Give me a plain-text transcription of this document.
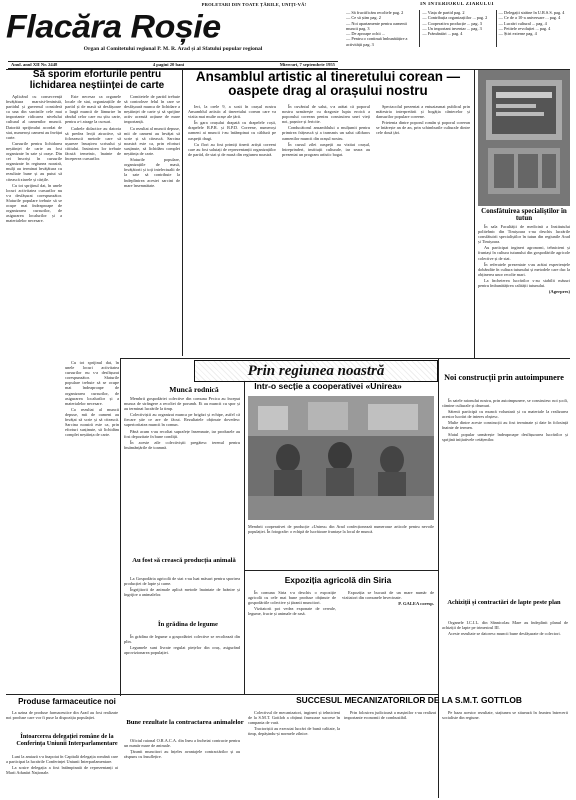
PROLETARI DIN TOATE ȚĂRILE, UNIȚI-VĂ!
Flacăra Roșie
Organ al Comitetului regional P. M. R. Arad și al Sfatului popular regional
Anul. anul XII Nr. 2448	4 pagini 20 bani	Miercuri, 7 septembrie 1955
ÎN INTERIORUL ZIARULUI
— Să fructificăm recoltele pag. 2
— Ce să știm pag. 2
— Noi apartamente pentru oamenii muncii pag. 3
— De aproape ochii ...
— Pentru o continuă îmbunătățire a activității pag. 3
— Viața de partid pag. 2
— Contribuția organizațiilor ... pag. 2
— Cooperativa producție ... pag. 3
— Un important inventar ... pag. 3
— Frământări ... pag. 4
— Delegații străine în U.R.S.S. pag. 4
— Ce de a 10-a aniversare ... pag. 4
— Lucrări cultural ... pag. 4
— Petitele revoluției ... pag. 4
— Știri externe pag. 4
Să sporim eforturile pentru lichidarea neștiinței de carte

Aplicând cu consecvență învățătura marxist-leninistă, partidul și guvernul consideră ca una din sarcinile cele mai importante ridicarea nivelului cultural al oamenilor muncii. Datorită sprijinului acordat de stat, numeroși oameni au învățat carte.

Cursurile pentru lichidarea neștiinței de carte au fost organizate în sate și orașe. Din cei înscriși în cursurile organizate în regiunea noastră, mulți au terminat învățătura cu rezultate bune și au putut să citească ziarele și cărțile.

Cu tot sprijinul dat, în unele locuri activitatea cursurilor nu s-a desfășurat corespunzător. Sfaturile populare trebuie să se ocupe mai îndeaproape de organizarea cursurilor, de asigurarea localurilor și a materialelor necesare.

Este necesar ca organele locale de stat, organizațiile de partid și de masă să desfășoare o largă muncă de lămurire în rândul celor care nu știu carte, pentru a-i atrage la cursuri.

Cadrele didactice au datoria să predea lecții atractive, să folosească metode care să ușureze însușirea scrisului și cititului. Instruirea lor trebuie făcută temeinic, înainte de începerea cursurilor.

Comitetele de partid trebuie să controleze felul în care se desfășoară munca de lichidare a neștiinței de carte și să sprijine activ această acțiune de mare importanță.

Ca rezultat al muncii depuse, mii de oameni au învățat să scrie și să citească. Sarcina noastră este ca, prin eforturi susținute, să lichidăm complet neștiința de carte.

Sfaturile populare, organizațiile de masă, învățătorii și toți intelectualii de la sate să contribuie la îndeplinirea acestei sarcini de mare însemnătate.

Cu tot sprijinul dat, în unele locuri activitatea cursurilor nu s-a desfășurat corespunzător. Sfaturile populare trebuie să se ocupe mai îndeaproape de organizarea cursurilor, de asigurarea localurilor și a materialelor necesare.

Ca rezultat al muncii depuse, mii de oameni au învățat să scrie și să citească. Sarcina noastră este ca, prin eforturi susținute, să lichidăm complet neștiința de carte.

Ansamblul artistic al tineretului corean — oaspete drag al orașului nostru

Ieri, la orele 9, a sosit în orașul nostru Ansamblul artistic al tineretului corean care va vizita mai multe orașe ale țării.

În gara orașului drapată cu drapelele roșii, drapelele R.P.R. și R.P.D. Coreene, numeroși oameni ai muncii i-au întâmpinat cu căldură pe oaspeții dragi.

Cu flori au fost primiți tinerii artiști coreeni care au fost salutați de reprezentanții organizațiilor de partid, de stat și de masă din regiunea noastră.

În cuvântul de salut, s-a arătat că poporul nostru urmărește cu dragoste lupta eroică a poporului coreean pentru construirea unei vieți noi, pașnice și fericite.

Conducătorul ansamblului a mulțumit pentru primirea frățească și a transmis un salut călduros oamenilor muncii din orașul nostru.

În cursul zilei oaspeții au vizitat orașul, întreprinderi, instituții culturale, iar seara au prezentat un program artistic bogat.

Spectacolul prezentat a entuziasmat publicul prin măiestria interpretării și bogăția cântecelor și dansurilor populare coreene.

Prietenia dintre poporul român și poporul coreean se întărește an de an, prin schimburile culturale dintre cele două țări.

Consfătuirea specialiștilor în tutun

În sala Facultății de medicină a Institutului politehnic din Timișoara s-au deschis lucrările consfătuirii specialiștilor în tutun din regiunile Arad și Timișoara.

Au participat ingineri agronomi, tehnicieni și fruntași în cultura tutunului din gospodăriile agricole colective și de stat.

În referatele prezentate s-au arătat experiențele dobândite în cultura tutunului și metodele care duc la obținerea unor recolte mari.

La încheierea lucrărilor s-au stabilit măsuri pentru îmbunătățirea calității tutunului.

(Agerpres)
Prin regiunea noastră
Muncă rodnică

Membrii gospodăriei colective din comuna Pecica au început munca de strângere a recoltei de porumb. Ei au muncit cu spor și au terminat lucrările la timp.

Colectiviștii au organizat munca pe brigăzi și echipe, astfel că fiecare știe ce are de făcut. Rezultatele obținute dovedesc superioritatea muncii în comun.

Până acum s-au recoltat suprafețe însemnate, iar produsele au fost depozitate în bune condiții.

În aceste zile colectiviștii pregătesc terenul pentru însămânțările de toamnă.

Intr-o secție a cooperativei «Unirea»
Membrii cooperativei de producție «Unirea» din Arad confecționează numeroase articole pentru nevoile populației. În fotografie: o echipă de lucrătoare fruntașe la locul de muncă.
Noi construcții prin autoimpunere

În satele raionului nostru, prin autoimpunere, se construiesc noi școli, cămine culturale și drumuri.

Sătenii participă cu muncă voluntară și cu materiale la realizarea acestor lucrări de interes obștesc.

Multe dintre aceste construcții au fost terminate și date în folosință înainte de termen.

Sfatul popular urmărește îndeaproape desfășurarea lucrărilor și sprijină inițiativele cetățenilor.

Au fost să crească producția animală

La Gospodăria agricolă de stat s-au luat măsuri pentru sporirea producției de lapte și carne.

Îngrijitorii de animale aplică metode înaintate de hrănire și îngrijire a animalelor.

În grădina de legume

În grădina de legume a gospodăriei colective se recoltează din plin.

Legumele sunt livrate regulat piețelor din oraș, asigurând aprovizionarea populației.

Bune rezultate la contractarea animalelor

Oficiul raional O.R.A.C.A. din Ineu a încheiat contracte pentru un număr mare de animale.

Țăranii muncitori au înțeles avantajele contractărilor și au răspuns cu însuflețire.

Expoziția agricolă din Siria

În comuna Siria s-a deschis o expoziție agricolă cu cele mai bune produse obținute de gospodăriile colective și țăranii muncitori.

Vizitatorii pot vedea exponate de cereale, legume, fructe și animale de rasă.

Expoziția se bucură de un mare număr de vizitatori din comunele învecinate.

P. GALEA coresp.	Achiziții și contractări de lapte peste plan

Organele I.C.I.L. din Sânnicolau Mare au îndeplinit planul de achiziții de lapte pe trimestrul III.

Aceste rezultate se datoresc muncii bune desfășurate de colectori.

Produse farmaceutice noi

La uzina de produse farmaceutice din Arad au fost realizate noi produse care vor fi puse la dispoziția populației.

Întoarcerea delegației române de la Conferința Uniunii Interparlamentare

Luni la amiază s-a înapoiat în Capitală delegația română care a participat la lucrările Conferinței Uniunii Interparlamentare.

La sosire delegația a fost întâmpinată de reprezentanți ai Marii Adunări Naționale.

SUCCESUL MECANIZATORILOR DE LA S.M.T. GOTTLOB

Colectivul de mecanizatori, ingineri și tehnicieni de la S.M.T. Gottlob a obținut frumoase succese în campania de vară.

Tractoriștii au executat lucrări de bună calitate, la timp, depășindu-și normele zilnice.

Prin folosirea judicioasă a mașinilor s-au realizat importante economii de combustibil.

Pe baza acestor rezultate, stațiunea se situează în fruntea întrecerii socialiste din regiune.
